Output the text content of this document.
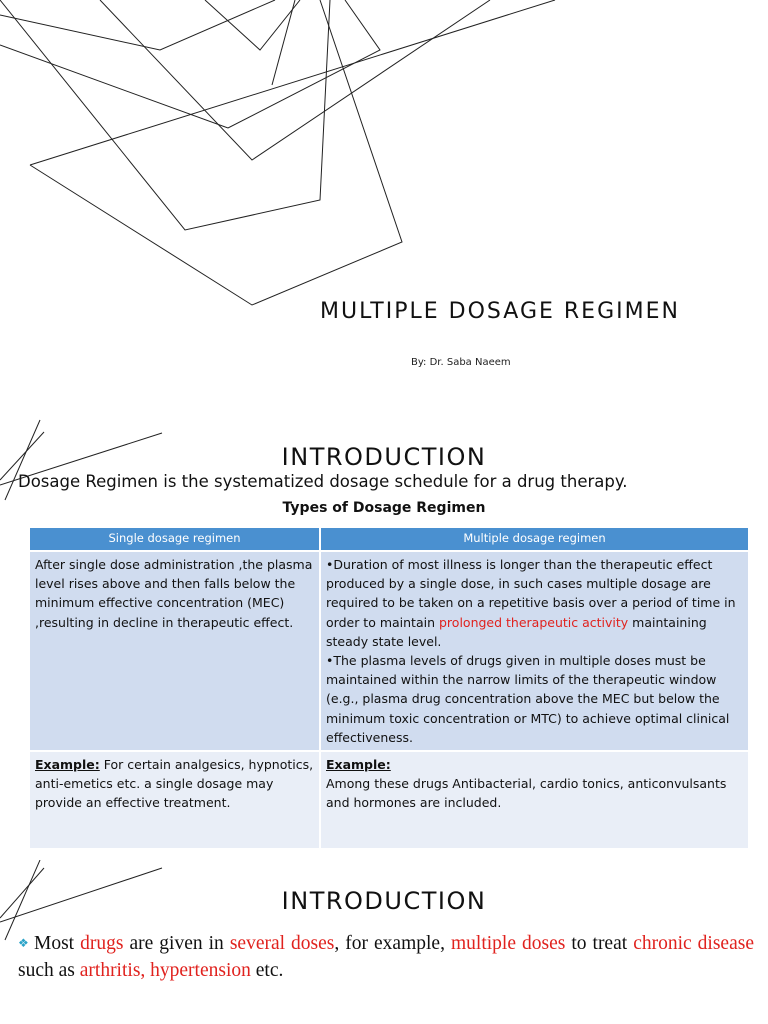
MULTIPLE DOSAGE REGIMEN
By: Dr. Saba Naeem
INTRODUCTION
Dosage Regimen is the systematized dosage schedule for a drug therapy.
Types of Dosage Regimen
Single dosage regimen	Multiple dosage regimen
After single dose administration ,the plasma level rises above and then falls below the minimum effective concentration (MEC) ,resulting in decline in therapeutic effect.	•Duration of most illness is longer than the therapeutic effect produced by a single dose, in such cases multiple dosage are required to be taken on a repetitive basis over a period of time in order to maintain prolonged therapeutic activity maintaining steady state level.

•The plasma levels of drugs given in multiple doses must be maintained within the narrow limits of the therapeutic window (e.g., plasma drug concentration above the MEC but below the minimum toxic concentration or MTC) to achieve optimal clinical effectiveness.

Example: For certain analgesics, hypnotics, anti-emetics etc. a single dosage may provide an effective treatment.	Example:
Among these drugs Antibacterial, cardio tonics, anticonvulsants and hormones are included.
INTRODUCTION
❖ Most drugs are given in several doses, for example, multiple doses to treat chronic disease such as arthritis, hypertension etc.
